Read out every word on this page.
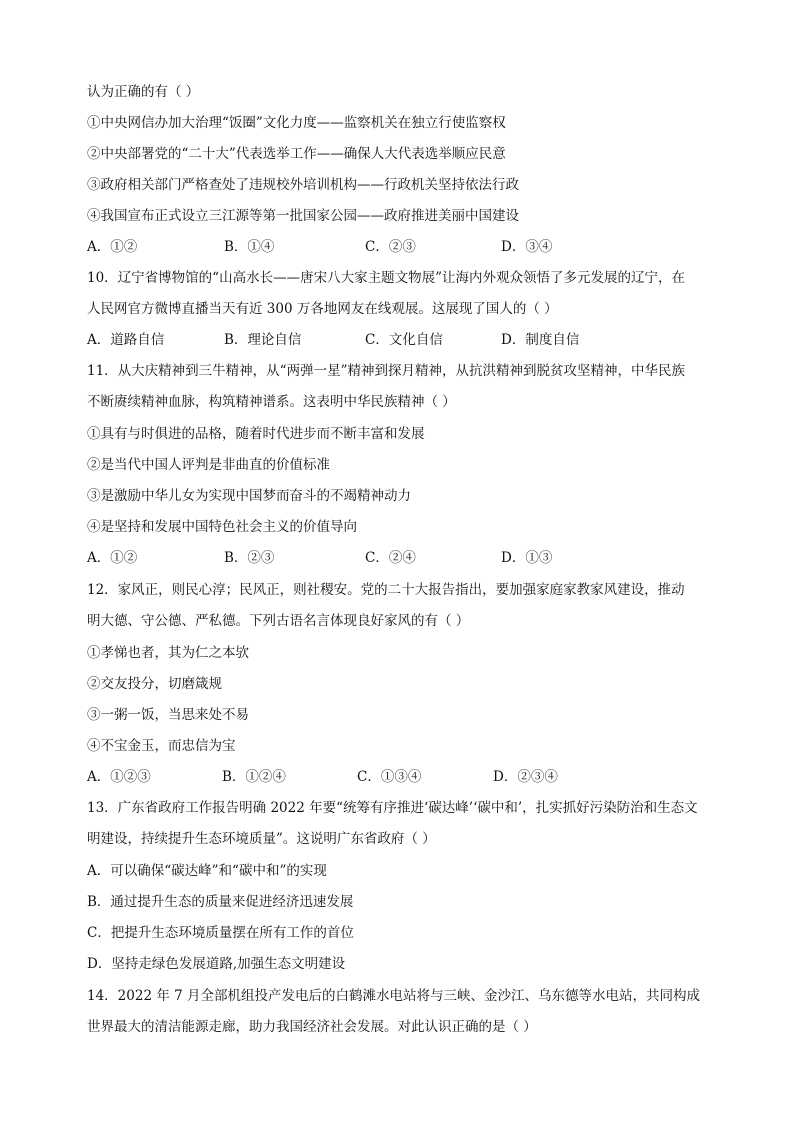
认为正确的有（ ）
①中央网信办加大治理“饭圈”文化力度——监察机关在独立行使监察权
②中央部署党的“二十大”代表选举工作——确保人大代表选举顺应民意
③政府相关部门严格查处了违规校外培训机构——行政机关坚持依法行政
④我国宣布正式设立三江源等第一批国家公园——政府推进美丽中国建设
A．①②	B．①④	C．②③	D．③④
10．辽宁省博物馆的“山高水长——唐宋八大家主题文物展”让海内外观众领悟了多元发展的辽宁，在
人民网官方微博直播当天有近 300 万各地网友在线观展。这展现了国人的（ ）
A．道路自信	B．理论自信	C．文化自信	D．制度自信
11．从大庆精神到三牛精神，从“两弹一星”精神到探月精神，从抗洪精神到脱贫攻坚精神，中华民族
不断赓续精神血脉，构筑精神谱系。这表明中华民族精神（ ）
①具有与时俱进的品格，随着时代进步而不断丰富和发展
②是当代中国人评判是非曲直的价值标准
③是激励中华儿女为实现中国梦而奋斗的不竭精神动力
④是坚持和发展中国特色社会主义的价值导向
A．①②	B．②③	C．②④	D．①③
12．家风正，则民心淳；民风正，则社稷安。党的二十大报告指出，要加强家庭家教家风建设，推动
明大德、守公德、严私德。下列古语名言体现良好家风的有（ ）
①孝悌也者，其为仁之本欤
②交友投分，切磨箴规
③一粥一饭，当思来处不易
④不宝金玉，而忠信为宝
A．①②③	B．①②④	C．①③④	D．②③④
13．广东省政府工作报告明确 2022 年要“统筹有序推进‘碳达峰’‘碳中和’，扎实抓好污染防治和生态文
明建设，持续提升生态环境质量”。这说明广东省政府（ ）
A．可以确保“碳达峰”和“碳中和”的实现
B．通过提升生态的质量来促进经济迅速发展
C．把提升生态环境质量摆在所有工作的首位
D．坚持走绿色发展道路,加强生态文明建设
14．2022 年 7 月全部机组投产发电后的白鹤滩水电站将与三峡、金沙江、乌东德等水电站，共同构成
世界最大的清洁能源走廊，助力我国经济社会发展。对此认识正确的是（ ）
